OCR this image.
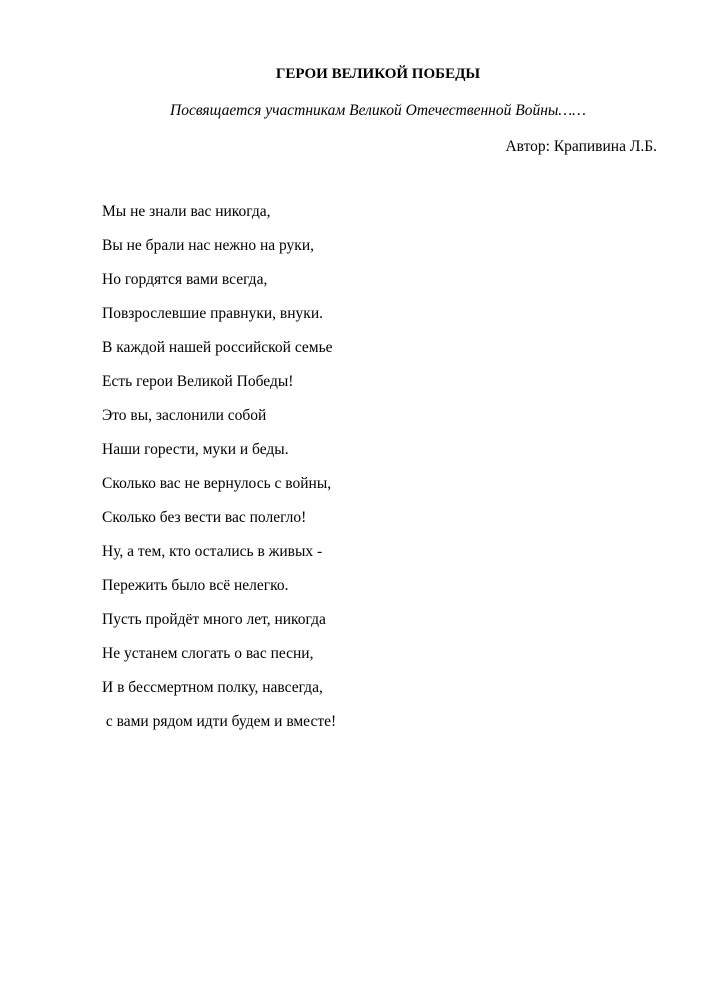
ГЕРОИ ВЕЛИКОЙ ПОБЕДЫ

Посвящается участникам Великой Отечественной Войны……

Автор: Крапивина Л.Б.

Мы не знали вас никогда,
Вы не брали нас нежно на руки,
Но гордятся вами всегда,
Повзрослевшие правнуки, внуки.
В каждой нашей российской семье
Есть герои Великой Победы!
Это вы, заслонили собой
Наши горести, муки и беды.
Сколько вас не вернулось с войны,
Сколько без вести вас полегло!
Ну, а тем, кто остались в живых -
Пережить было всё нелегко.
Пусть пройдёт много лет, никогда
Не устанем слогать о вас песни,
И в бессмертном полку, навсегда,
с вами рядом идти будем и вместе!
